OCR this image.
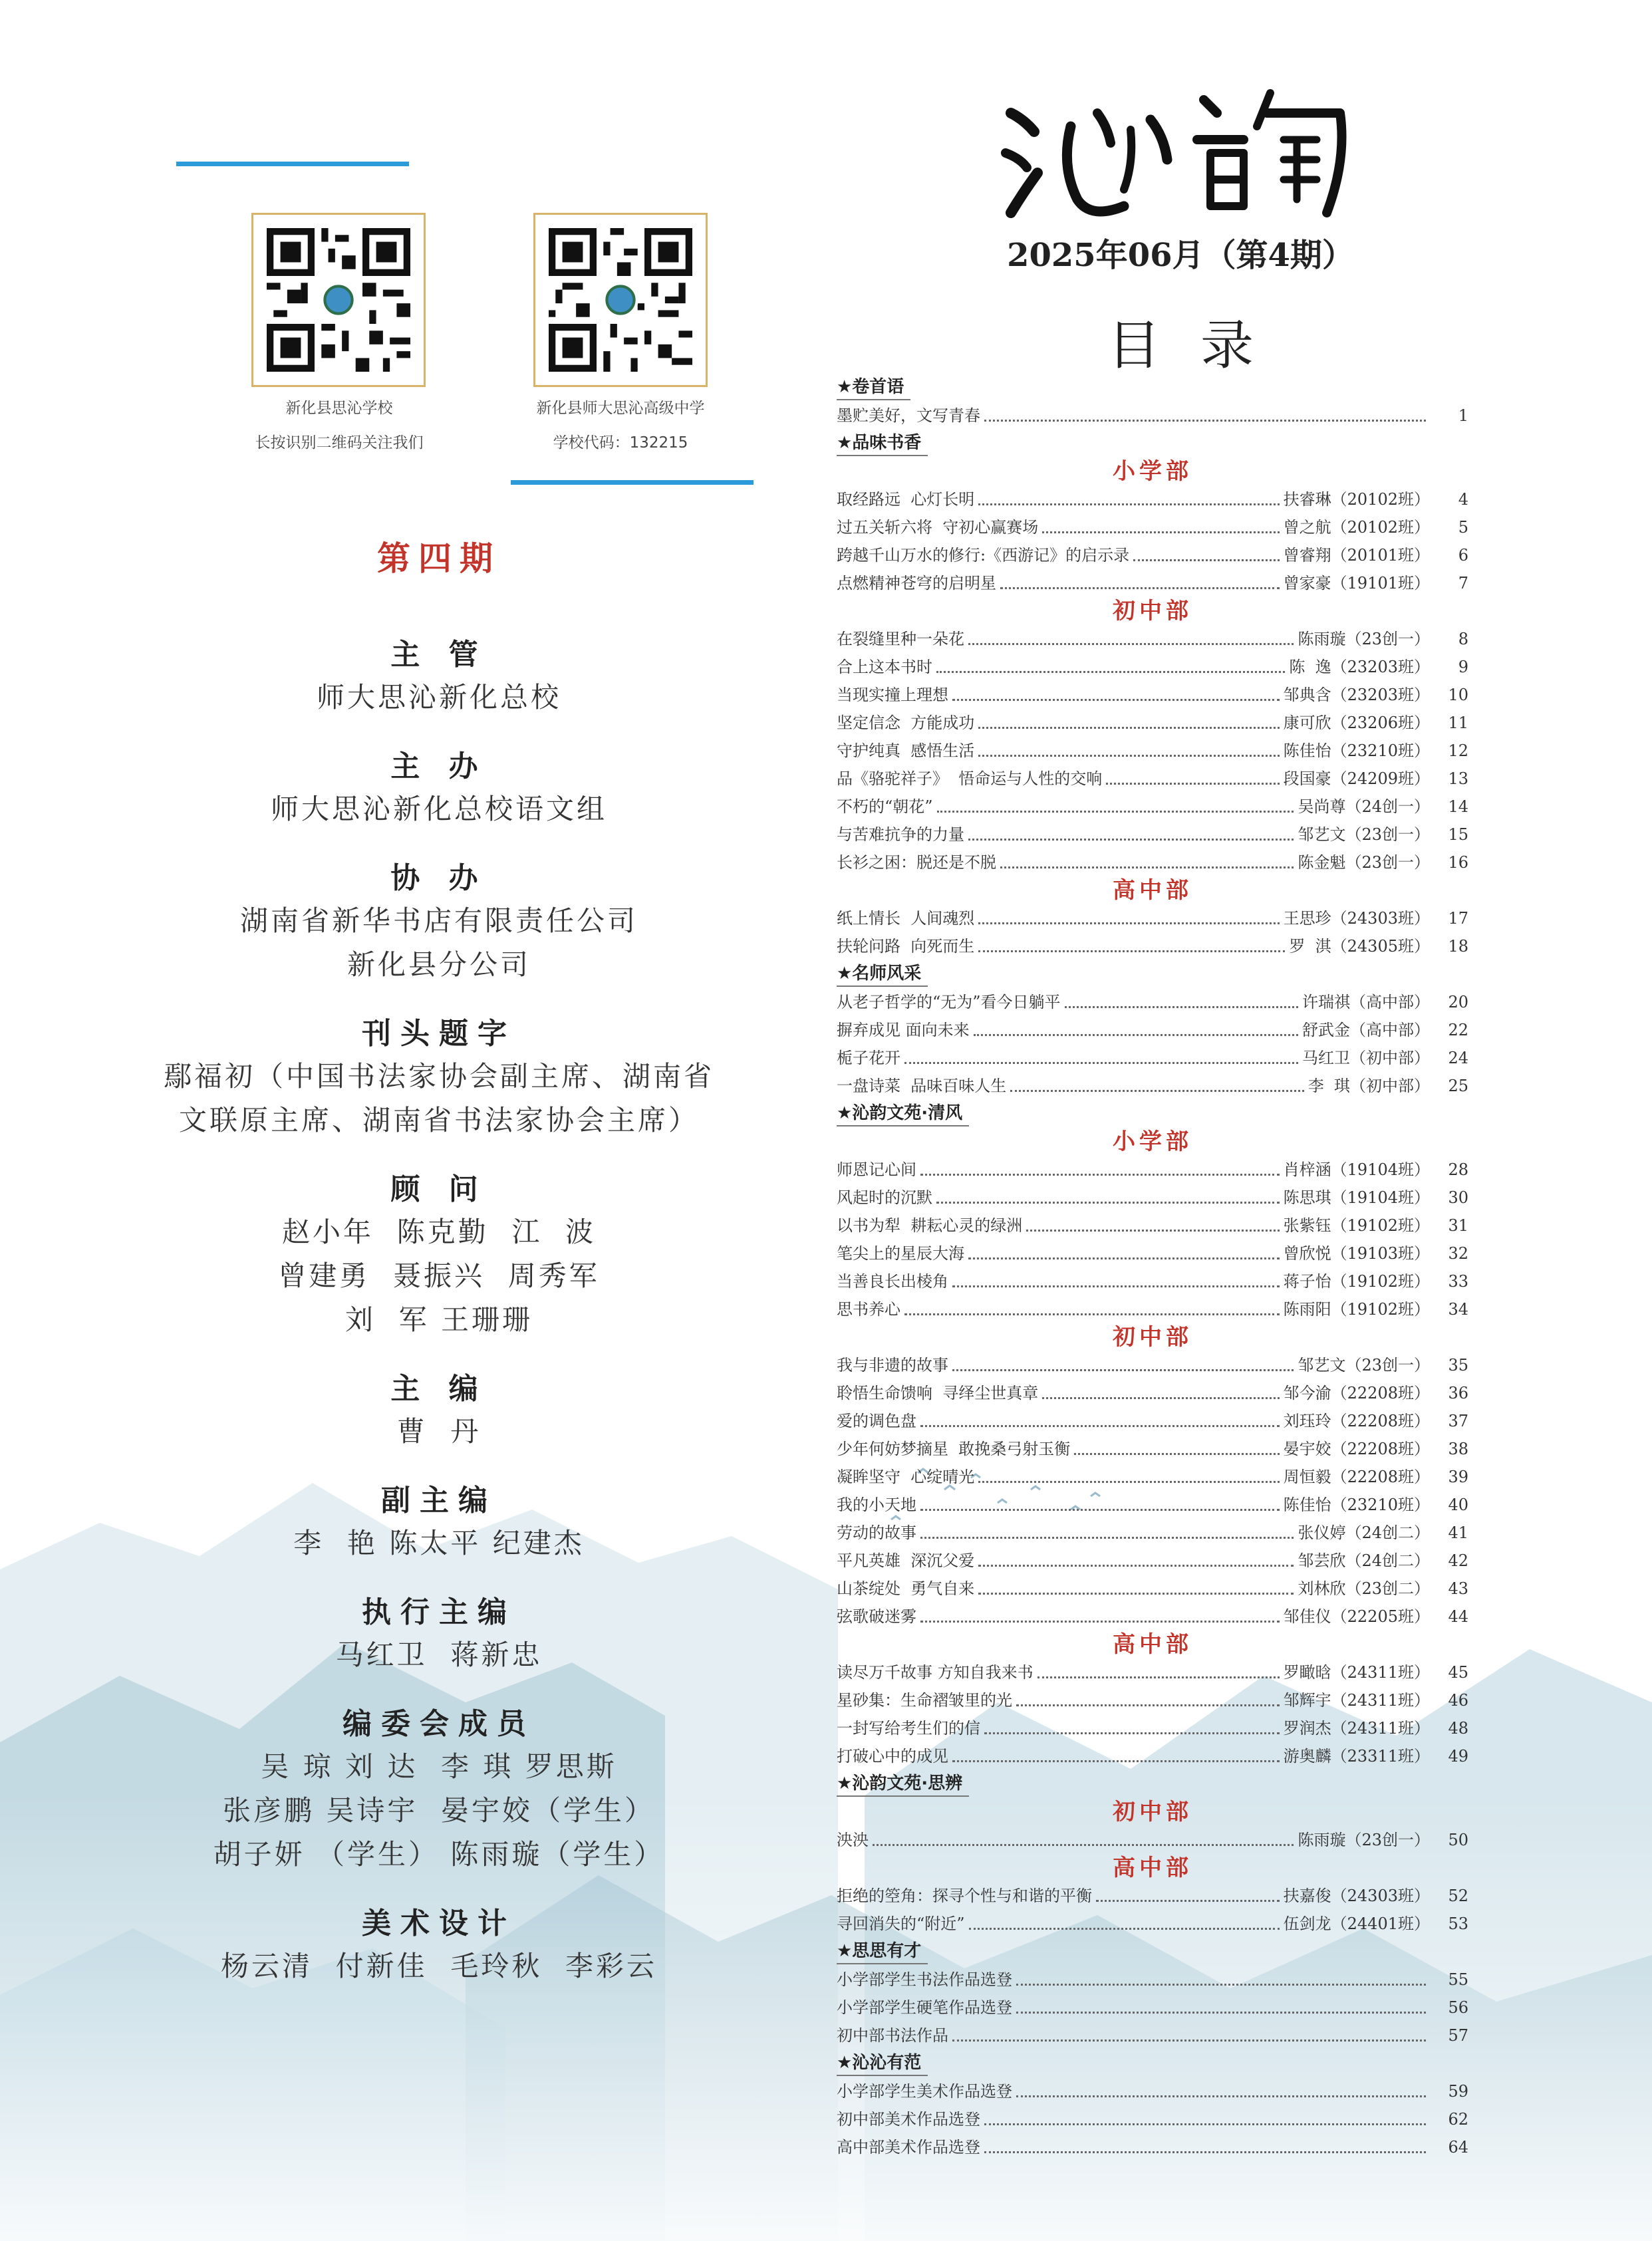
新化县思沁学校
长按识别二维码关注我们
新化县师大思沁高级中学
学校代码：132215
第四期
主 管
师大思沁新化总校
主 办
师大思沁新化总校语文组
协 办
湖南省新华书店有限责任公司
新化县分公司
刊头题字
鄢福初（中国书法家协会副主席、湖南省
文联原主席、湖南省书法家协会主席）
顾 问
赵小年  陈克勤  江  波
曾建勇  聂振兴  周秀军
刘  军 王珊珊
主 编
曹  丹
副主编
李  艳 陈太平 纪建杰
执行主编
马红卫  蒋新忠
编委会成员
吴 琼 刘 达  李 琪 罗思斯
张彦鹏 吴诗宇  晏宇姣（学生）
胡子妍 （学生） 陈雨璇（学生）
美术设计
杨云清  付新佳  毛玲秋  李彩云
沁韵
2025年06月（第4期）
目录
★卷首语
墨贮美好，文写青春	1
★品味书香
小学部
取经路远  心灯长明	扶睿琳（20102班）	4
过五关斩六将  守初心赢赛场	曾之航（20102班）	5
跨越千山万水的修行:《西游记》的启示录	曾睿翔（20101班）	6
点燃精神苍穹的启明星	曾家豪（19101班）	7
初中部
在裂缝里种一朵花	陈雨璇（23创一）	8
合上这本书时	陈  逸（23203班）	9
当现实撞上理想	邹典含（23203班）	10
坚定信念  方能成功	康可欣（23206班）	11
守护纯真  感悟生活	陈佳怡（23210班）	12
品《骆驼祥子》  悟命运与人性的交响	段国豪（24209班）	13
不朽的“朝花”	吴尚尊（24创一）	14
与苦难抗争的力量	邹艺文（23创一）	15
长衫之困：脱还是不脱	陈金魁（23创一）	16
高中部
纸上情长  人间魂烈	王思珍（24303班）	17
扶轮问路  向死而生	罗  淇（24305班）	18
★名师风采
从老子哲学的“无为”看今日躺平	许瑞祺（高中部）	20
摒弃成见 面向未来	舒武金（高中部）	22
栀子花开	马红卫（初中部）	24
一盘诗菜  品味百味人生	李  琪（初中部）	25
★沁韵文苑·清风
小学部
师恩记心间	肖梓涵（19104班）	28
风起时的沉默	陈思琪（19104班）	30
以书为犁  耕耘心灵的绿洲	张紫钰（19102班）	31
笔尖上的星辰大海	曾欣悦（19103班）	32
当善良长出棱角	蒋子怡（19102班）	33
思书养心	陈雨阳（19102班）	34
初中部
我与非遗的故事	邹艺文（23创一）	35
聆悟生命馈响  寻绎尘世真章	邹今渝（22208班）	36
爱的调色盘	刘珏玲（22208班）	37
少年何妨梦摘星  敢挽桑弓射玉衡	晏宇姣（22208班）	38
凝眸坚守  心绽晴光	周恒毅（22208班）	39
我的小天地	陈佳怡（23210班）	40
劳动的故事	张仪婷（24创二）	41
平凡英雄  深沉父爱	邹芸欣（24创二）	42
山茶绽处  勇气自来	刘林欣（23创二）	43
弦歌破迷雾	邹佳仪（22205班）	44
高中部
读尽万千故事 方知自我来书	罗瞰晗（24311班）	45
星砂集：生命褶皱里的光	邹辉宇（24311班）	46
一封写给考生们的信	罗润杰（24311班）	48
打破心中的成见	游奥麟（23311班）	49
★沁韵文苑·思辨
初中部
泱泱	陈雨璇（23创一）	50
高中部
拒绝的箜角：探寻个性与和谐的平衡	扶嘉俊（24303班）	52
寻回消失的“附近”	伍剑龙（24401班）	53
★思思有才
小学部学生书法作品选登	55
小学部学生硬笔作品选登	56
初中部书法作品	57
★沁沁有范
小学部学生美术作品选登	59
初中部美术作品选登	62
高中部美术作品选登	64
